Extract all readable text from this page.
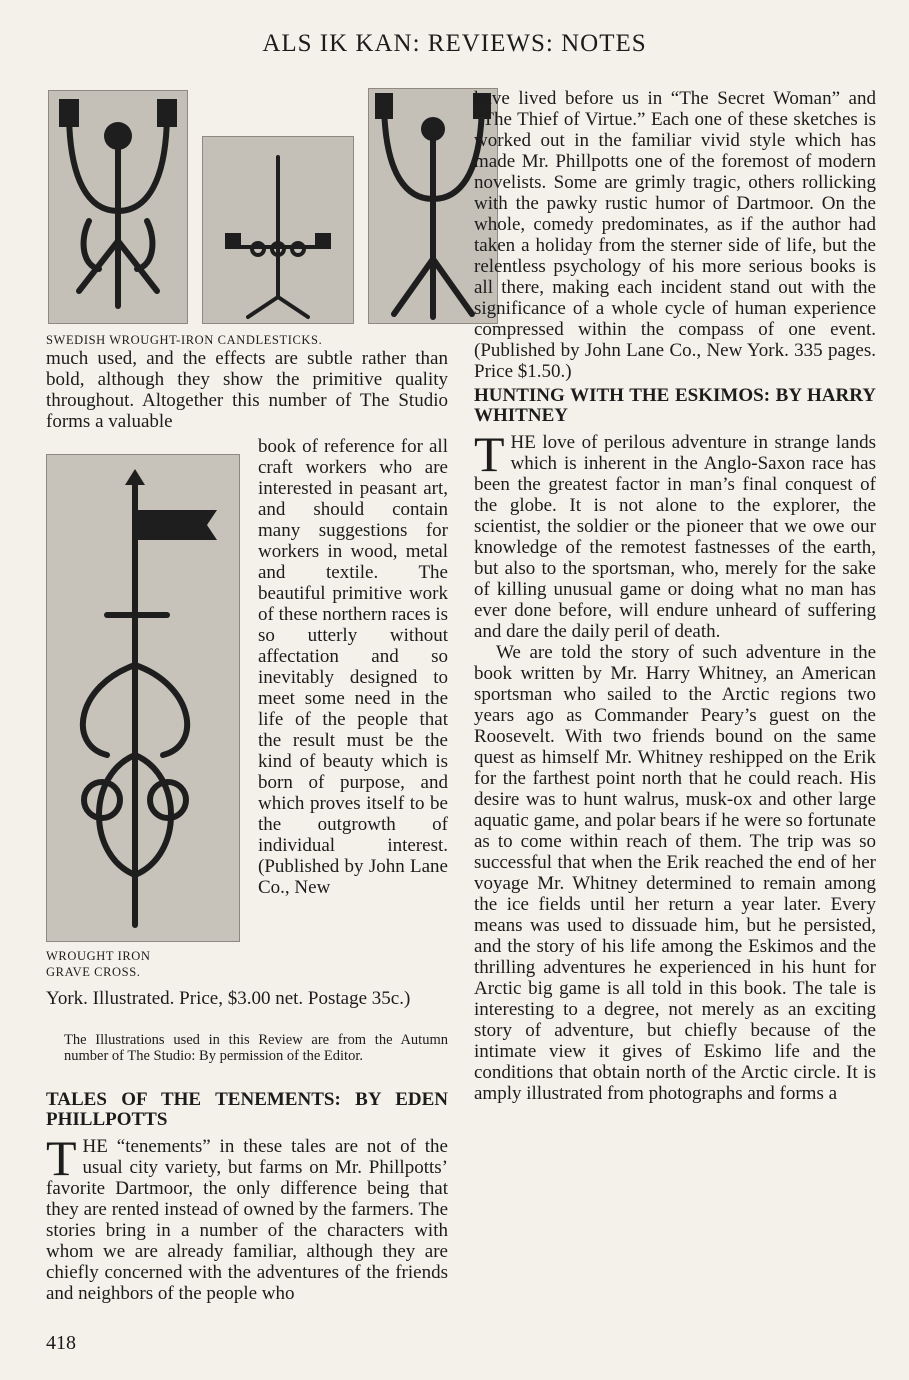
ALS IK KAN: REVIEWS: NOTES
SWEDISH WROUGHT-IRON CANDLESTICKS.

much used, and the effects are subtle rather than bold, although they show the primitive quality throughout. Altogether this number of The Studio forms a valuable

book of reference for all craft workers who are interested in peasant art, and should contain many suggestions for workers in wood, metal and textile. The beautiful primitive work of these northern races is so utterly without affectation and so inevitably designed to meet some need in the life of the people that the result must be the kind of beauty which is born of purpose, and which proves itself to be the outgrowth of individual interest. (Published by John Lane Co., New

WROUGHT IRON
GRAVE CROSS.

York. Illustrated. Price, $3.00 net. Postage 35c.)

The Illustrations used in this Review are from the Autumn number of The Studio: By permission of the Editor.
TALES OF THE TENEMENTS: BY EDEN PHILLPOTTS

T HE “tenements” in these tales are not of the usual city variety, but farms on Mr. Phillpotts’ favorite Dartmoor, the only difference being that they are rented instead of owned by the farmers. The stories bring in a number of the characters with whom we are already familiar, although they are chiefly concerned with the adventures of the friends and neighbors of the people who

have lived before us in “The Secret Woman” and “The Thief of Virtue.” Each one of these sketches is worked out in the familiar vivid style which has made Mr. Phillpotts one of the foremost of modern novelists. Some are grimly tragic, others rollicking with the pawky rustic humor of Dartmoor. On the whole, comedy predominates, as if the author had taken a holiday from the sterner side of life, but the relentless psychology of his more serious books is all there, making each incident stand out with the significance of a whole cycle of human experience compressed within the compass of one event. (Published by John Lane Co., New York. 335 pages. Price $1.50.)

HUNTING WITH THE ESKIMOS: BY HARRY WHITNEY

T HE love of perilous adventure in strange lands which is inherent in the Anglo-Saxon race has been the greatest factor in man’s final conquest of the globe. It is not alone to the explorer, the scientist, the soldier or the pioneer that we owe our knowledge of the remotest fastnesses of the earth, but also to the sportsman, who, merely for the sake of killing unusual game or doing what no man has ever done before, will endure unheard of suffering and dare the daily peril of death.

We are told the story of such adventure in the book written by Mr. Harry Whitney, an American sportsman who sailed to the Arctic regions two years ago as Commander Peary’s guest on the Roosevelt. With two friends bound on the same quest as himself Mr. Whitney reshipped on the Erik for the farthest point north that he could reach. His desire was to hunt walrus, musk-ox and other large aquatic game, and polar bears if he were so fortunate as to come within reach of them. The trip was so successful that when the Erik reached the end of her voyage Mr. Whitney determined to remain among the ice fields until her return a year later. Every means was used to dissuade him, but he persisted, and the story of his life among the Eskimos and the thrilling adventures he experienced in his hunt for Arctic big game is all told in this book. The tale is interesting to a degree, not merely as an exciting story of adventure, but chiefly because of the intimate view it gives of Eskimo life and the conditions that obtain north of the Arctic circle. It is amply illustrated from photographs and forms a

418
